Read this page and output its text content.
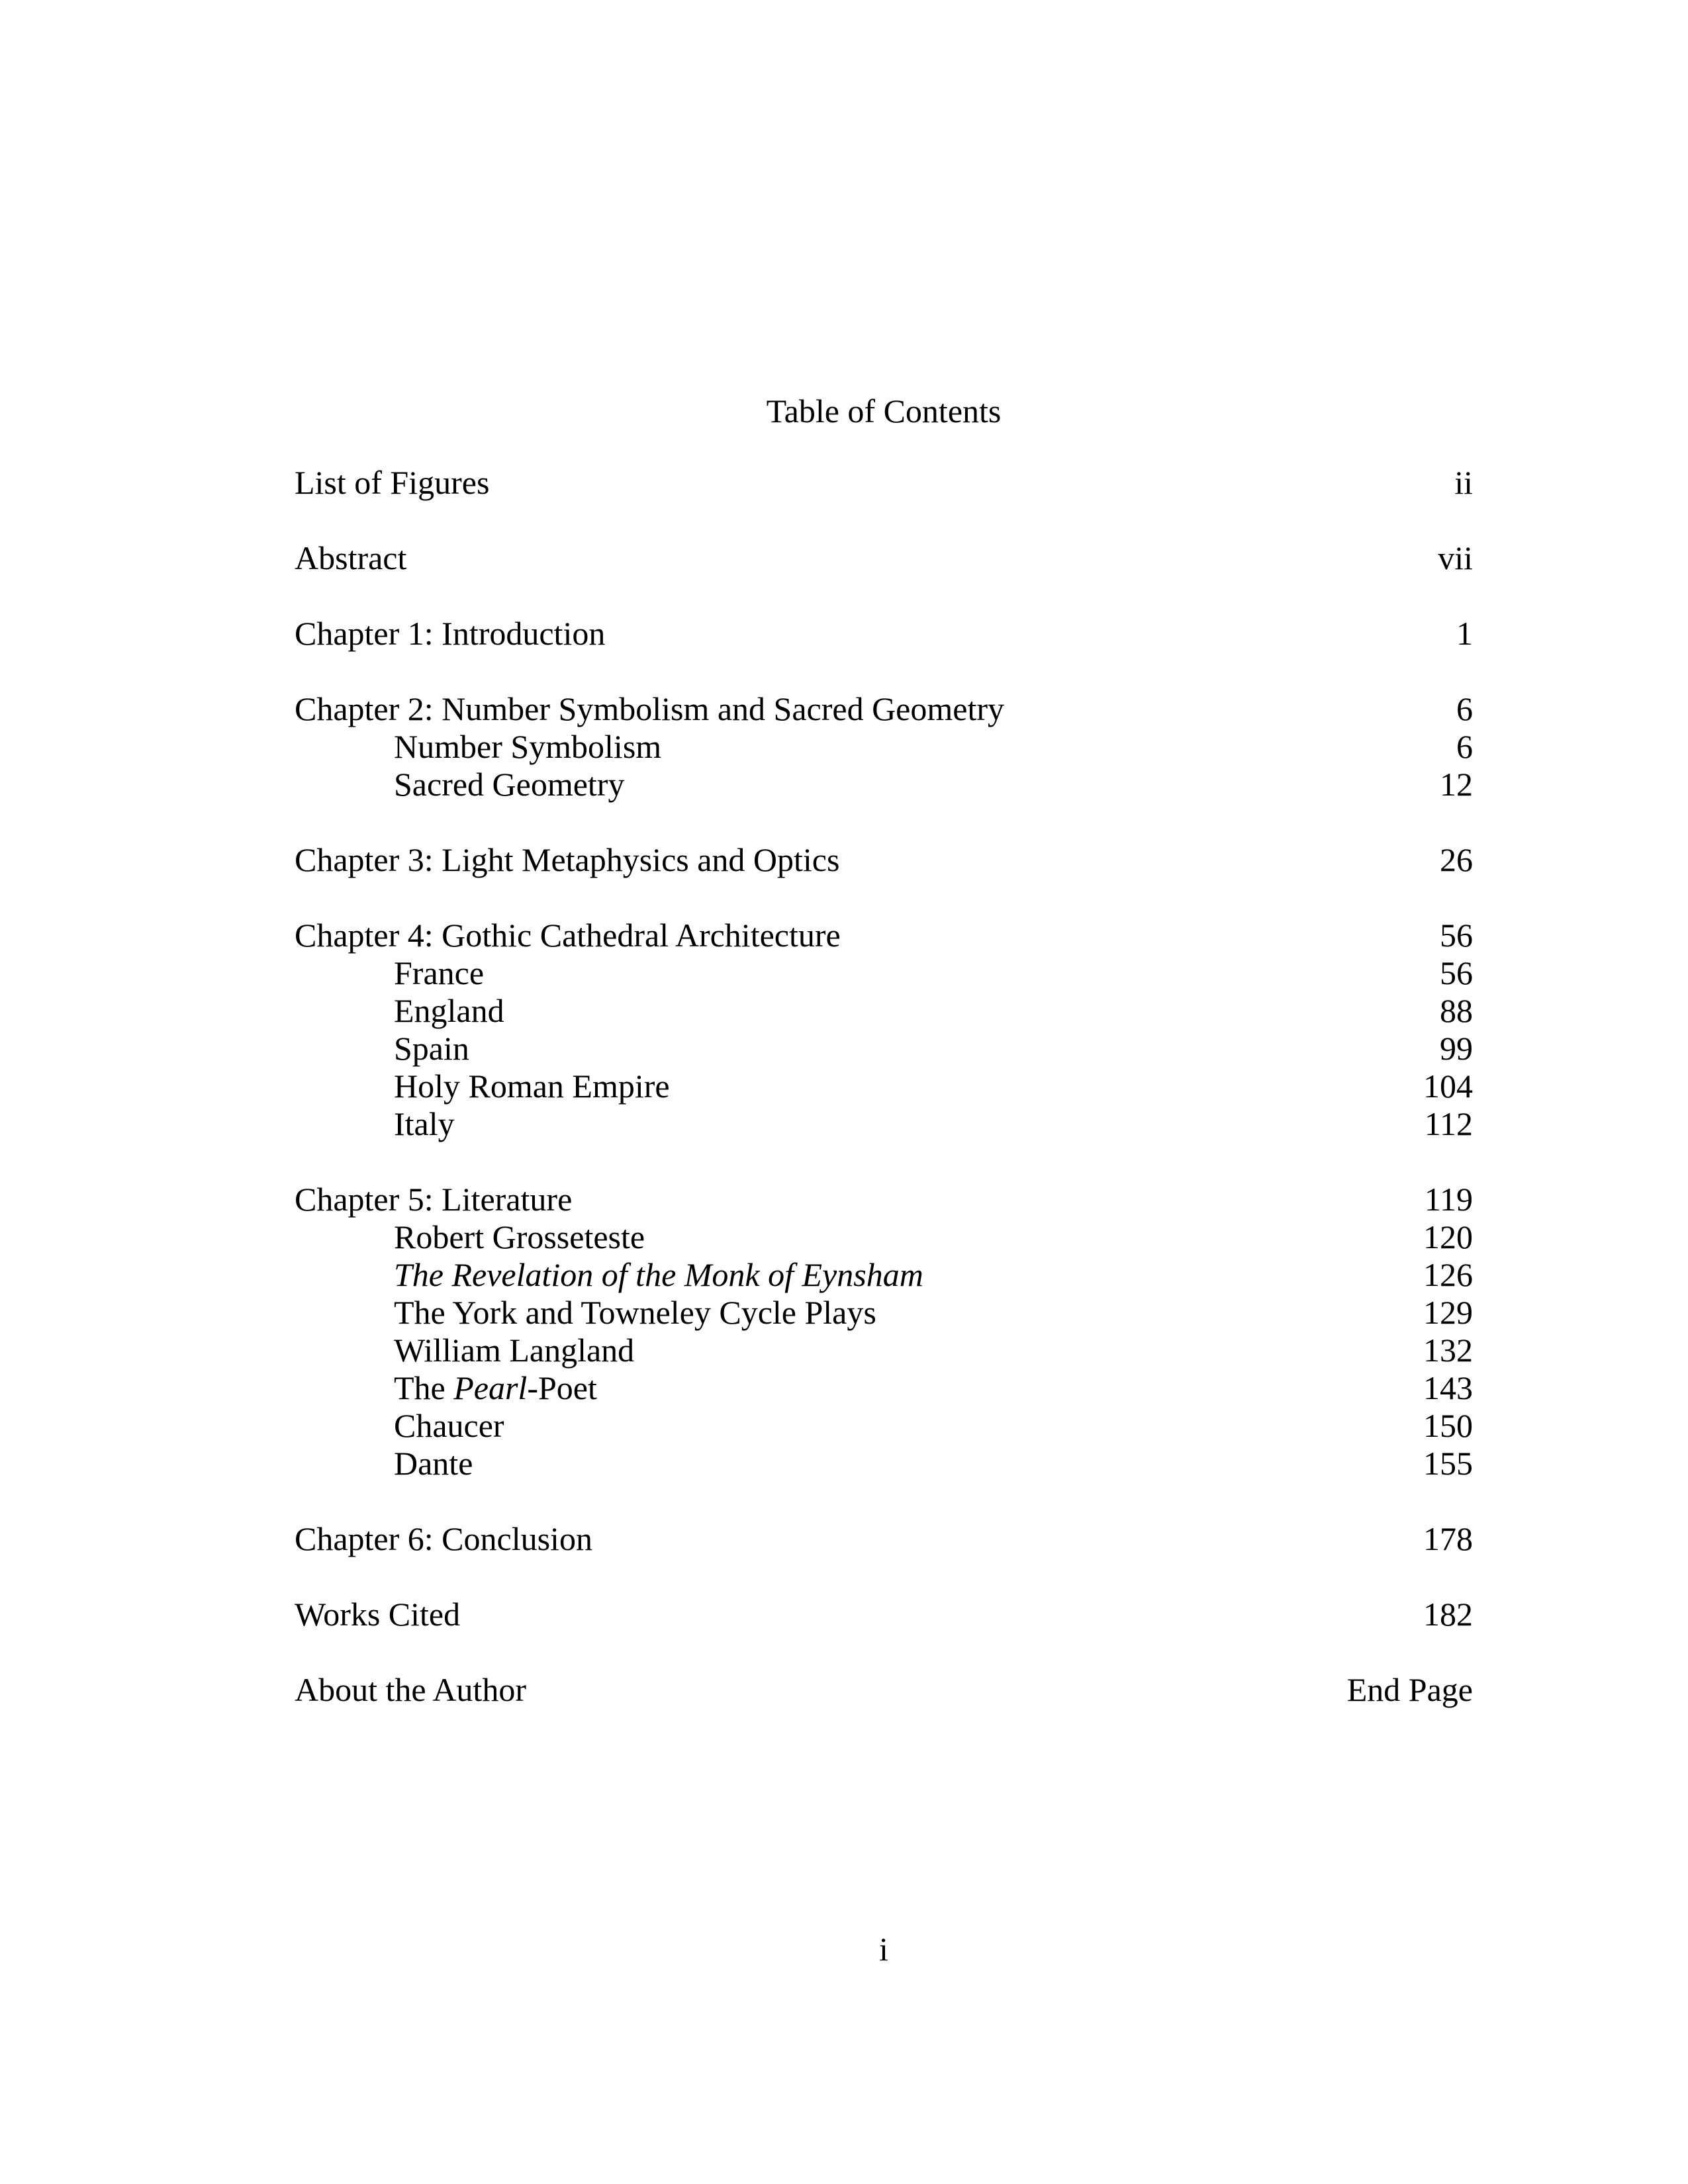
Table of Contents
List of Figures	ii
Abstract	vii
Chapter 1: Introduction	1
Chapter 2: Number Symbolism and Sacred Geometry	6
Number Symbolism	6
Sacred Geometry	12
Chapter 3: Light Metaphysics and Optics	26
Chapter 4: Gothic Cathedral Architecture	56
France	56
England	88
Spain	99
Holy Roman Empire	104
Italy	112
Chapter 5: Literature	119
Robert Grosseteste	120
The Revelation of the Monk of Eynsham	126
The York and Towneley Cycle Plays	129
William Langland	132
The Pearl-Poet	143
Chaucer	150
Dante	155
Chapter 6: Conclusion	178
Works Cited	182
About the Author	End Page
i
